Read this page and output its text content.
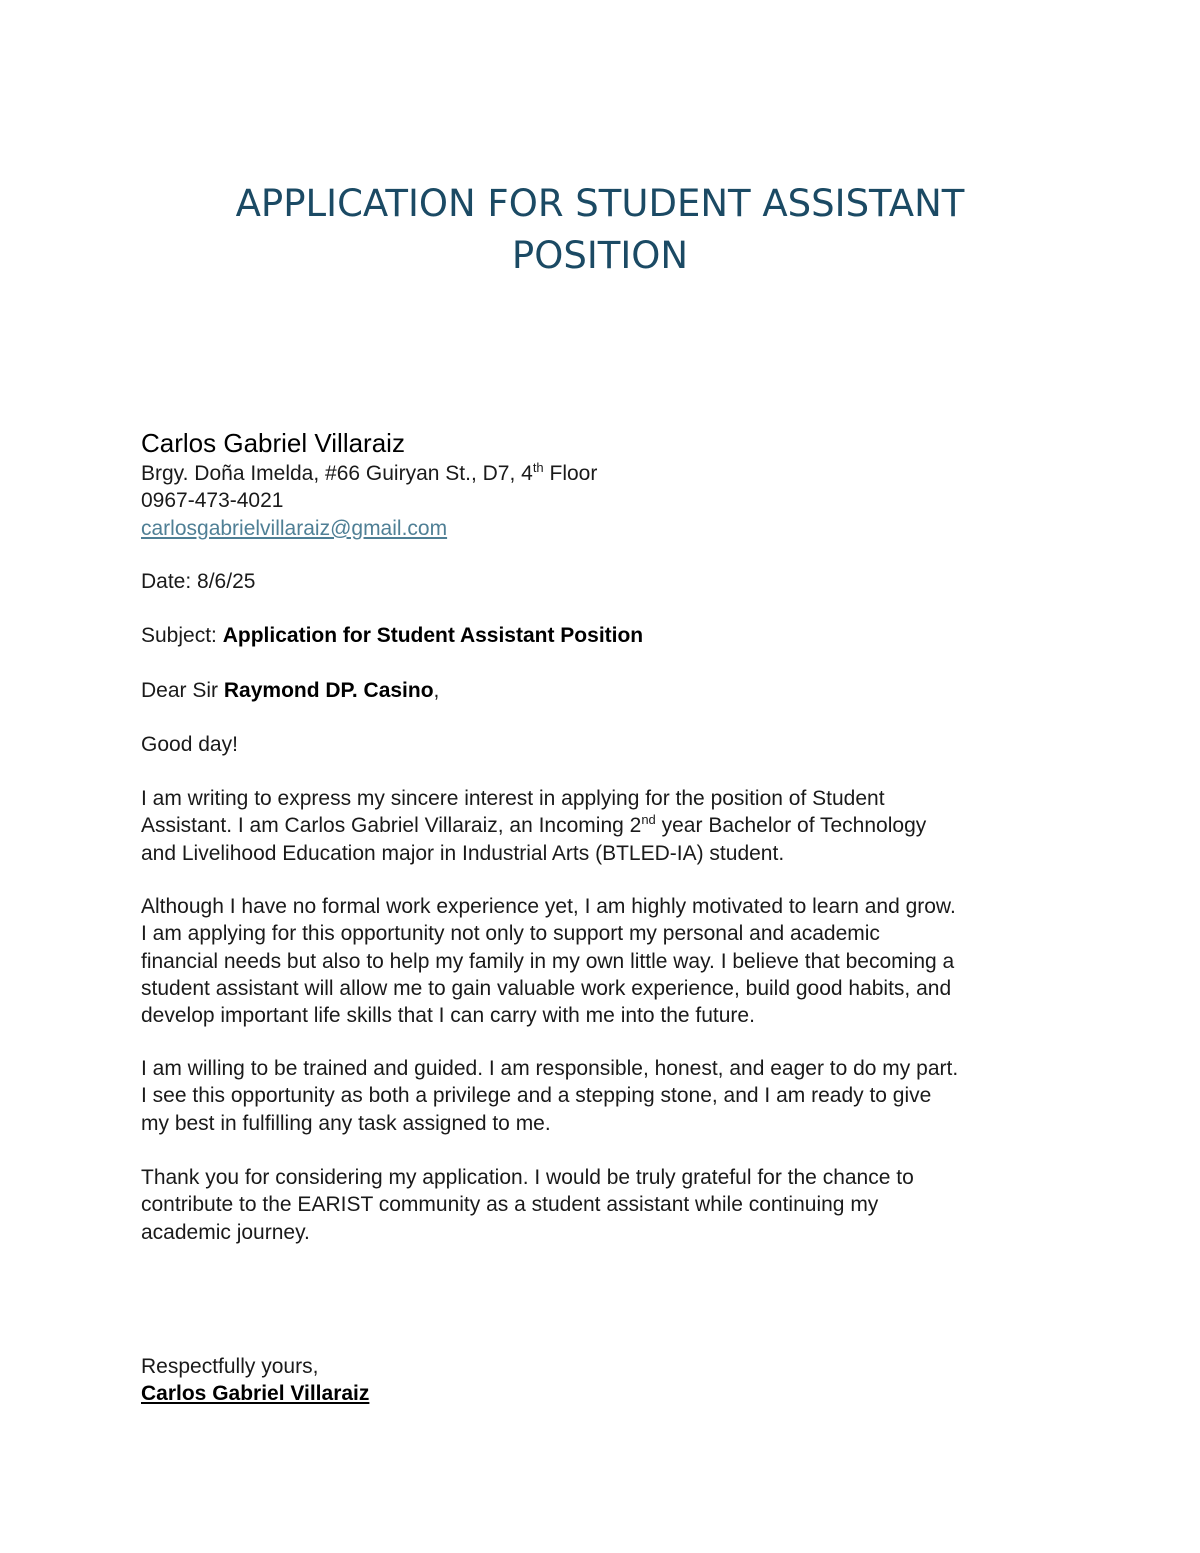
APPLICATION FOR STUDENT ASSISTANT
POSITION
Carlos Gabriel Villaraiz
Brgy. Doña Imelda, #66 Guiryan St., D7, 4th Floor
0967-473-4021
carlosgabrielvillaraiz@gmail.com
Date: 8/6/25
Subject: Application for Student Assistant Position
Dear Sir Raymond DP. Casino,
Good day!
I am writing to express my sincere interest in applying for the position of Student
Assistant. I am Carlos Gabriel Villaraiz, an Incoming 2nd year Bachelor of Technology
and Livelihood Education major in Industrial Arts (BTLED-IA) student.
Although I have no formal work experience yet, I am highly motivated to learn and grow.
I am applying for this opportunity not only to support my personal and academic
financial needs but also to help my family in my own little way. I believe that becoming a
student assistant will allow me to gain valuable work experience, build good habits, and
develop important life skills that I can carry with me into the future.
I am willing to be trained and guided. I am responsible, honest, and eager to do my part.
I see this opportunity as both a privilege and a stepping stone, and I am ready to give
my best in fulfilling any task assigned to me.
Thank you for considering my application. I would be truly grateful for the chance to
contribute to the EARIST community as a student assistant while continuing my
academic journey.
Respectfully yours,
Carlos Gabriel Villaraiz
